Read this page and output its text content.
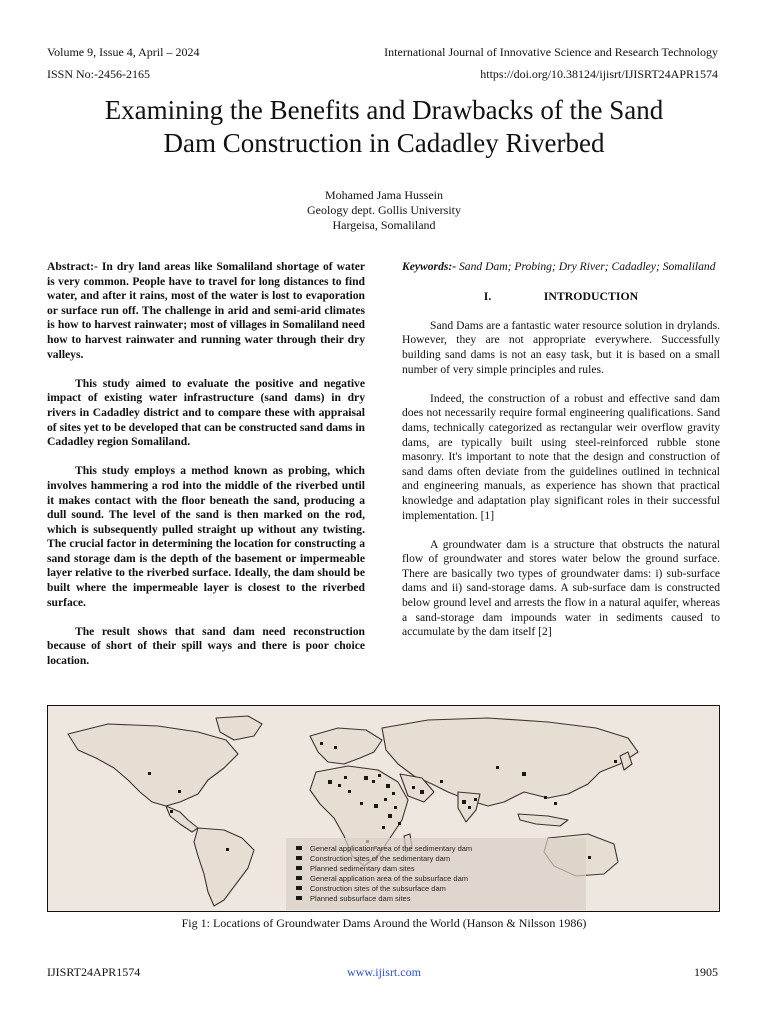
Volume 9, Issue 4, April – 2024	International Journal of Innovative Science and Research Technology
ISSN No:-2456-2165	https://doi.org/10.38124/ijisrt/IJISRT24APR1574
Examining the Benefits and Drawbacks of the Sand
Dam Construction in Cadadley Riverbed
Mohamed Jama Hussein
Geology dept. Gollis University
Hargeisa, Somaliland

Abstract:- In dry land areas like Somaliland shortage of water is very common. People have to travel for long distances to find water, and after it rains, most of the water is lost to evaporation or surface run off. The challenge in arid and semi-arid climates is how to harvest rainwater; most of villages in Somaliland need how to harvest rainwater and running water through their dry valleys.

This study aimed to evaluate the positive and negative impact of existing water infrastructure (sand dams) in dry rivers in Cadadley district and to compare these with appraisal of sites yet to be developed that can be constructed sand dams in Cadadley region Somaliland.

This study employs a method known as probing, which involves hammering a rod into the middle of the riverbed until it makes contact with the floor beneath the sand, producing a dull sound. The level of the sand is then marked on the rod, which is subsequently pulled straight up without any twisting. The crucial factor in determining the location for constructing a sand storage dam is the depth of the basement or impermeable layer relative to the riverbed surface. Ideally, the dam should be built where the impermeable layer is closest to the riverbed surface.

The result shows that sand dam need reconstruction because of short of their spill ways and there is poor choice location.

Keywords:- Sand Dam; Probing; Dry River; Cadadley; Somaliland

I.	INTRODUCTION

Sand Dams are a fantastic water resource solution in drylands. However, they are not appropriate everywhere. Successfully building sand dams is not an easy task, but it is based on a small number of very simple principles and rules.

Indeed, the construction of a robust and effective sand dam does not necessarily require formal engineering qualifications. Sand dams, technically categorized as rectangular weir overflow gravity dams, are typically built using steel-reinforced rubble stone masonry. It's important to note that the design and construction of sand dams often deviate from the guidelines outlined in technical and engineering manuals, as experience has shown that practical knowledge and adaptation play significant roles in their successful implementation. [1]

A groundwater dam is a structure that obstructs the natural flow of groundwater and stores water below the ground surface. There are basically two types of groundwater dams: i) sub-surface dams and ii) sand-storage dams. A sub-surface dam is constructed below ground level and arrests the flow in a natural aquifer, whereas a sand-storage dam impounds water in sediments caused to accumulate by the dam itself [2]

General application area of the sedimentary dam
Construction sites of the sedimentary dam
Planned sedimentary dam sites
General application area of the subsurface dam
Construction sites of the subsurface dam
Planned subsurface dam sites
Fig 1: Locations of Groundwater Dams Around the World (Hanson & Nilsson 1986)
IJISRT24APR1574	www.ijisrt.com	1905
